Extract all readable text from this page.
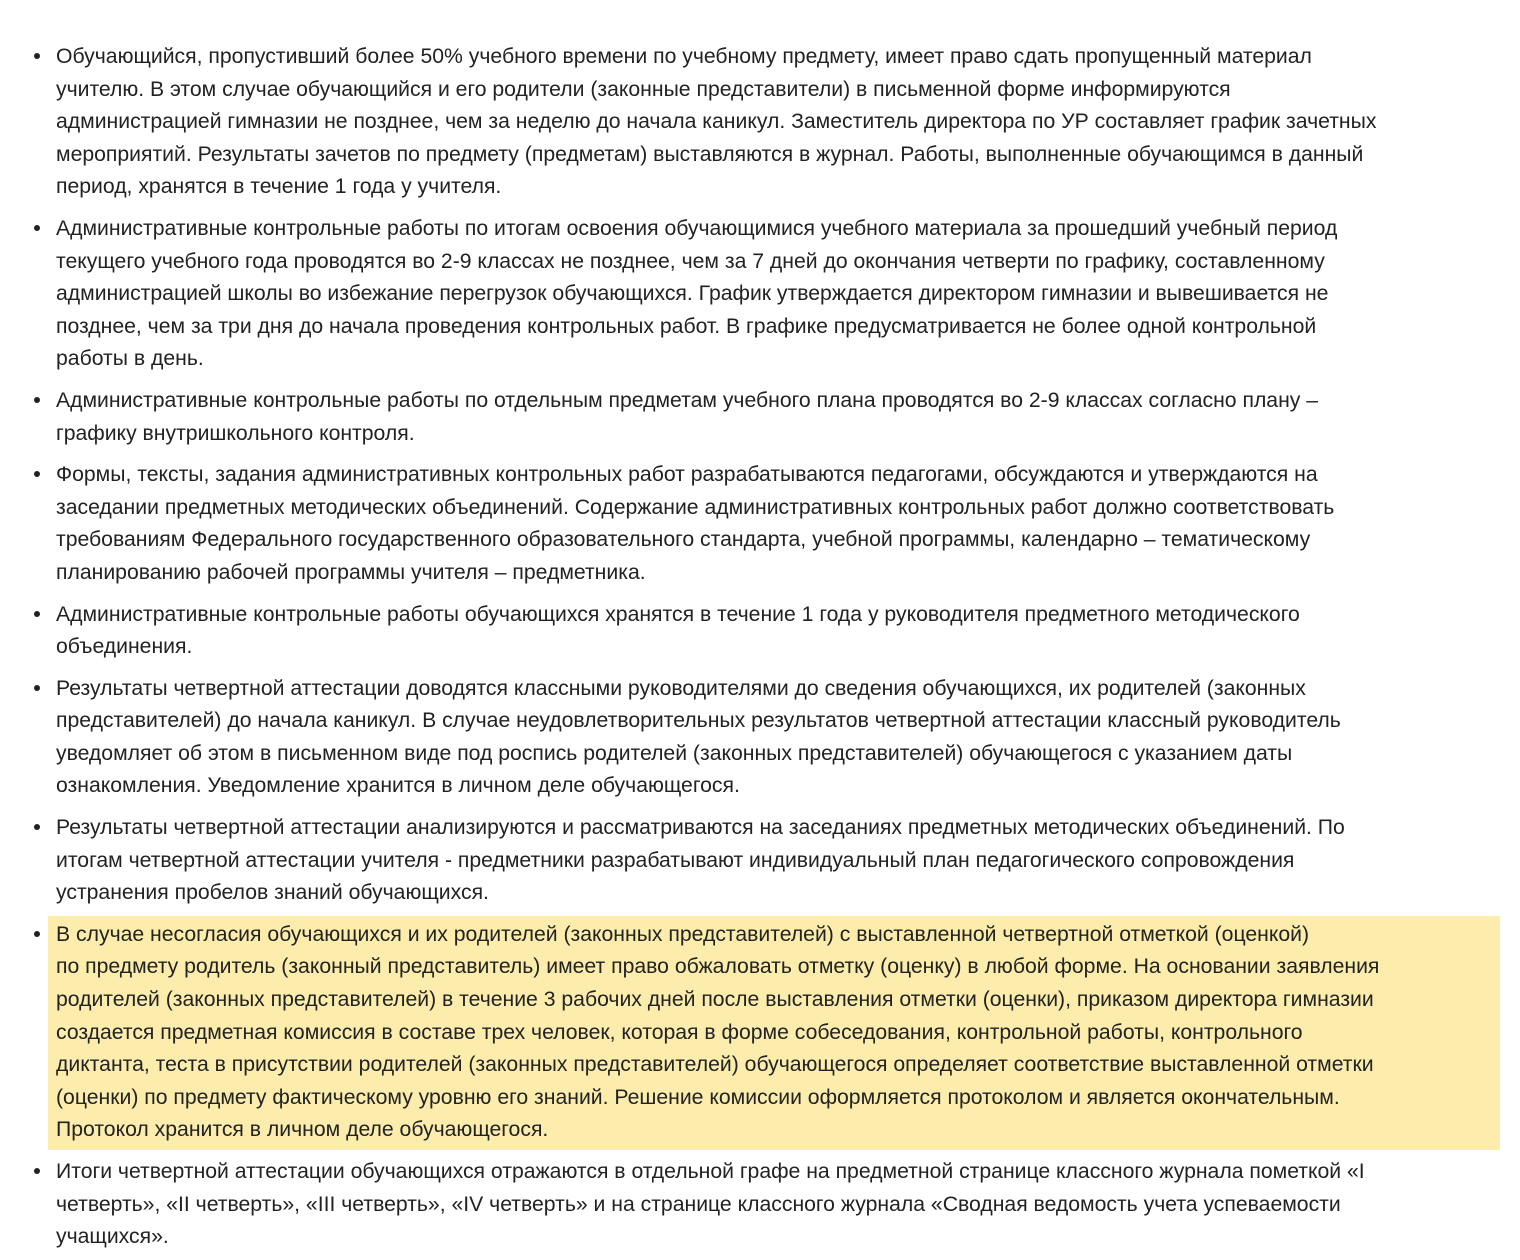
Обучающийся, пропустивший более 50% учебного времени по учебному предмету, имеет право сдать пропущенный материал
учителю. В этом случае обучающийся и его родители (законные представители) в письменной форме информируются
администрацией гимназии не позднее, чем за неделю до начала каникул. Заместитель директора по УР составляет график зачетных
мероприятий. Результаты зачетов по предмету (предметам) выставляются в журнал. Работы, выполненные обучающимся в данный
период, хранятся в течение 1 года у учителя.
Административные контрольные работы по итогам освоения обучающимися учебного материала за прошедший учебный период
текущего учебного года проводятся во 2-9 классах не позднее, чем за 7 дней до окончания четверти по графику, составленному
администрацией школы во избежание перегрузок обучающихся. График утверждается директором гимназии и вывешивается не
позднее, чем за три дня до начала проведения контрольных работ. В графике предусматривается не более одной контрольной
работы в день.
Административные контрольные работы по отдельным предметам учебного плана проводятся во 2-9 классах согласно плану –
графику внутришкольного контроля.
Формы, тексты, задания административных контрольных работ разрабатываются педагогами, обсуждаются и утверждаются на
заседании предметных методических объединений. Содержание административных контрольных работ должно соответствовать
требованиям Федерального государственного образовательного стандарта, учебной программы, календарно – тематическому
планированию рабочей программы учителя – предметника.
Административные контрольные работы обучающихся хранятся в течение 1 года у руководителя предметного методического
объединения.
Результаты четвертной аттестации доводятся классными руководителями до сведения обучающихся, их родителей (законных
представителей) до начала каникул. В случае неудовлетворительных результатов четвертной аттестации классный руководитель
уведомляет об этом в письменном виде под роспись родителей (законных представителей) обучающегося с указанием даты
ознакомления. Уведомление хранится в личном деле обучающегося.
Результаты четвертной аттестации анализируются и рассматриваются на заседаниях предметных методических объединений. По
итогам четвертной аттестации учителя - предметники разрабатывают индивидуальный план педагогического сопровождения
устранения пробелов знаний обучающихся.
В случае несогласия обучающихся и их родителей (законных представителей) с выставленной четвертной отметкой (оценкой)
по предмету родитель (законный представитель) имеет право обжаловать отметку (оценку) в любой форме. На основании заявления
родителей (законных представителей) в течение 3 рабочих дней после выставления отметки (оценки), приказом директора гимназии
создается предметная комиссия в составе трех человек, которая в форме собеседования, контрольной работы, контрольного
диктанта, теста в присутствии родителей (законных представителей) обучающегося определяет соответствие выставленной отметки
(оценки) по предмету фактическому уровню его знаний. Решение комиссии оформляется протоколом и является окончательным.
Протокол хранится в личном деле обучающегося.
Итоги четвертной аттестации обучающихся отражаются в отдельной графе на предметной странице классного журнала пометкой «I
четверть», «II четверть», «III четверть», «IV четверть» и на странице классного журнала «Сводная ведомость учета успеваемости
учащихся».
